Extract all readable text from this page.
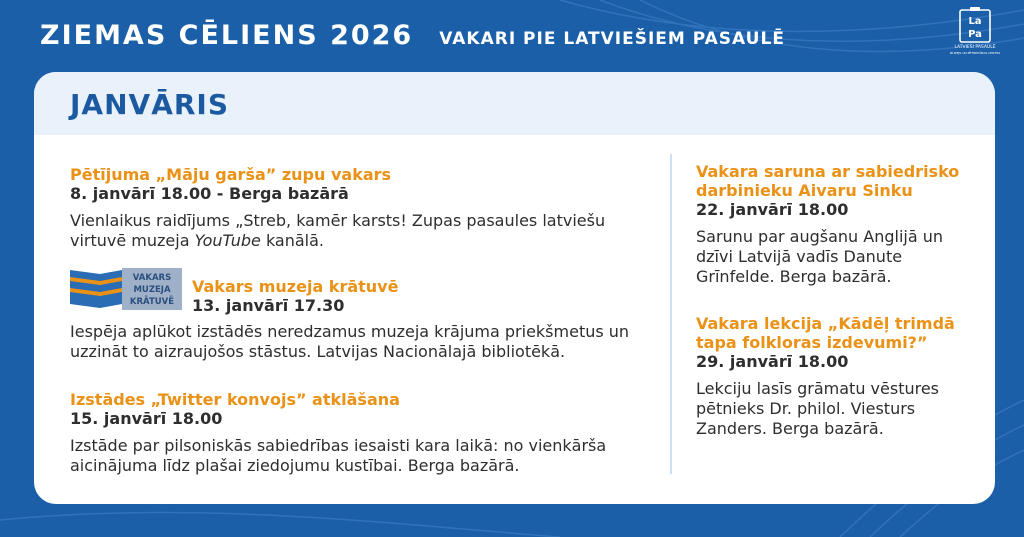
ZIEMAS CĒLIENS 2026 VAKARI PIE LATVIEŠIEM PASAULĒ
La
Pa
LATVIEŠI PASAULĒ
MUZEJS UN PĒTNIECĪBAS CENTRS
JANVĀRIS
Pētījuma „Māju garša” zupu vakars
8. janvārī 18.00 - Berga bazārā
Vienlaikus raidījums „Streb, kamēr karsts! Zupas pasaules latviešu virtuvē muzeja YouTube kanālā.
VAKARS
MUZEJA
KRĀTUVĒ
Vakars muzeja krātuvē
13. janvārī 17.30
Iespēja aplūkot izstādēs neredzamus muzeja krājuma priekšmetus un uzzināt to aizraujošos stāstus. Latvijas Nacionālajā bibliotēkā.
Izstādes „Twitter konvojs” atklāšana
15. janvārī 18.00
Izstāde par pilsoniskās sabiedrības iesaisti kara laikā: no vienkārša aicinājuma līdz plašai ziedojumu kustībai. Berga bazārā.
Vakara saruna ar sabiedrisko darbinieku Aivaru Sinku
22. janvārī 18.00
Sarunu par augšanu Anglijā un dzīvi Latvijā vadīs Danute Grīnfelde. Berga bazārā.
Vakara lekcija „Kādēļ trimdā tapa folkloras izdevumi?”
29. janvārī 18.00
Lekciju lasīs grāmatu vēstures pētnieks Dr. philol. Viesturs Zanders. Berga bazārā.
